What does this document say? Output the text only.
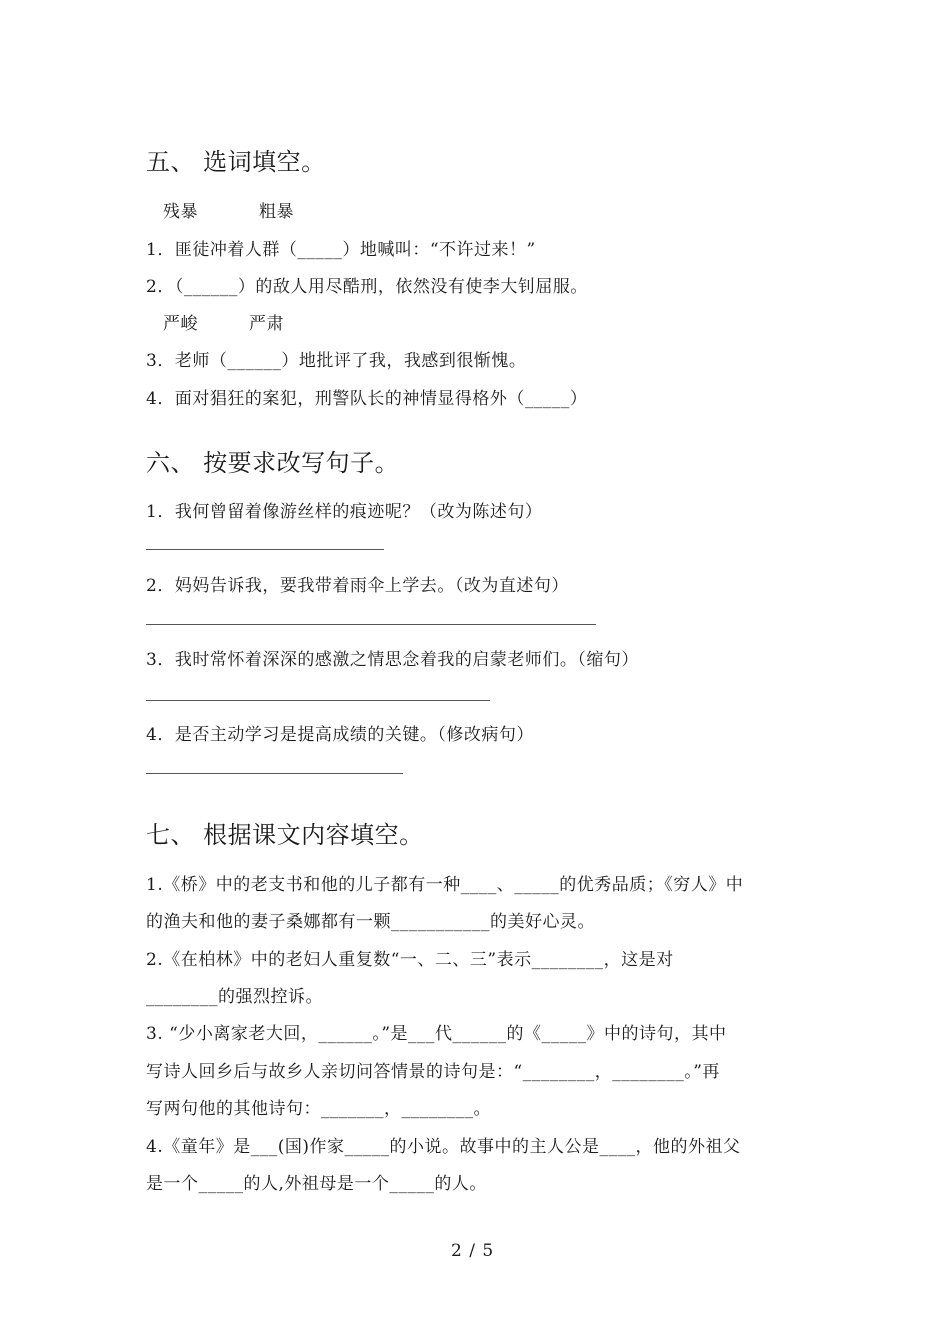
五、 选词填空。
残暴	粗暴
1．匪徒冲着人群（_____）地喊叫：“不许过来！”
2．（______）的敌人用尽酷刑，依然没有使李大钊屈服。
严峻	严肃
3．老师（______）地批评了我，我感到很惭愧。
4．面对猖狂的案犯，刑警队长的神情显得格外（_____）
六、 按要求改写句子。
1．我何曾留着像游丝样的痕迹呢？（改为陈述句）
2．妈妈告诉我，要我带着雨伞上学去。（改为直述句）
3．我时常怀着深深的感激之情思念着我的启蒙老师们。（缩句）
4．是否主动学习是提高成绩的关键。（修改病句）
七、 根据课文内容填空。
1.《桥》中的老支书和他的儿子都有一种____、_____的优秀品质；《穷人》中
的渔夫和他的妻子桑娜都有一颗___________的美好心灵。
2.《在柏林》中的老妇人重复数“一、二、三”表示________，这是对
________的强烈控诉。
3. “少小离家老大回，______。”是___代______的《_____》中的诗句，其中
写诗人回乡后与故乡人亲切问答情景的诗句是：“________，________。”再
写两句他的其他诗句：_______，________。
4.《童年》是___(国)作家_____的小说。故事中的主人公是____，他的外祖父
是一个_____的人,外祖母是一个_____的人。
2 / 5
